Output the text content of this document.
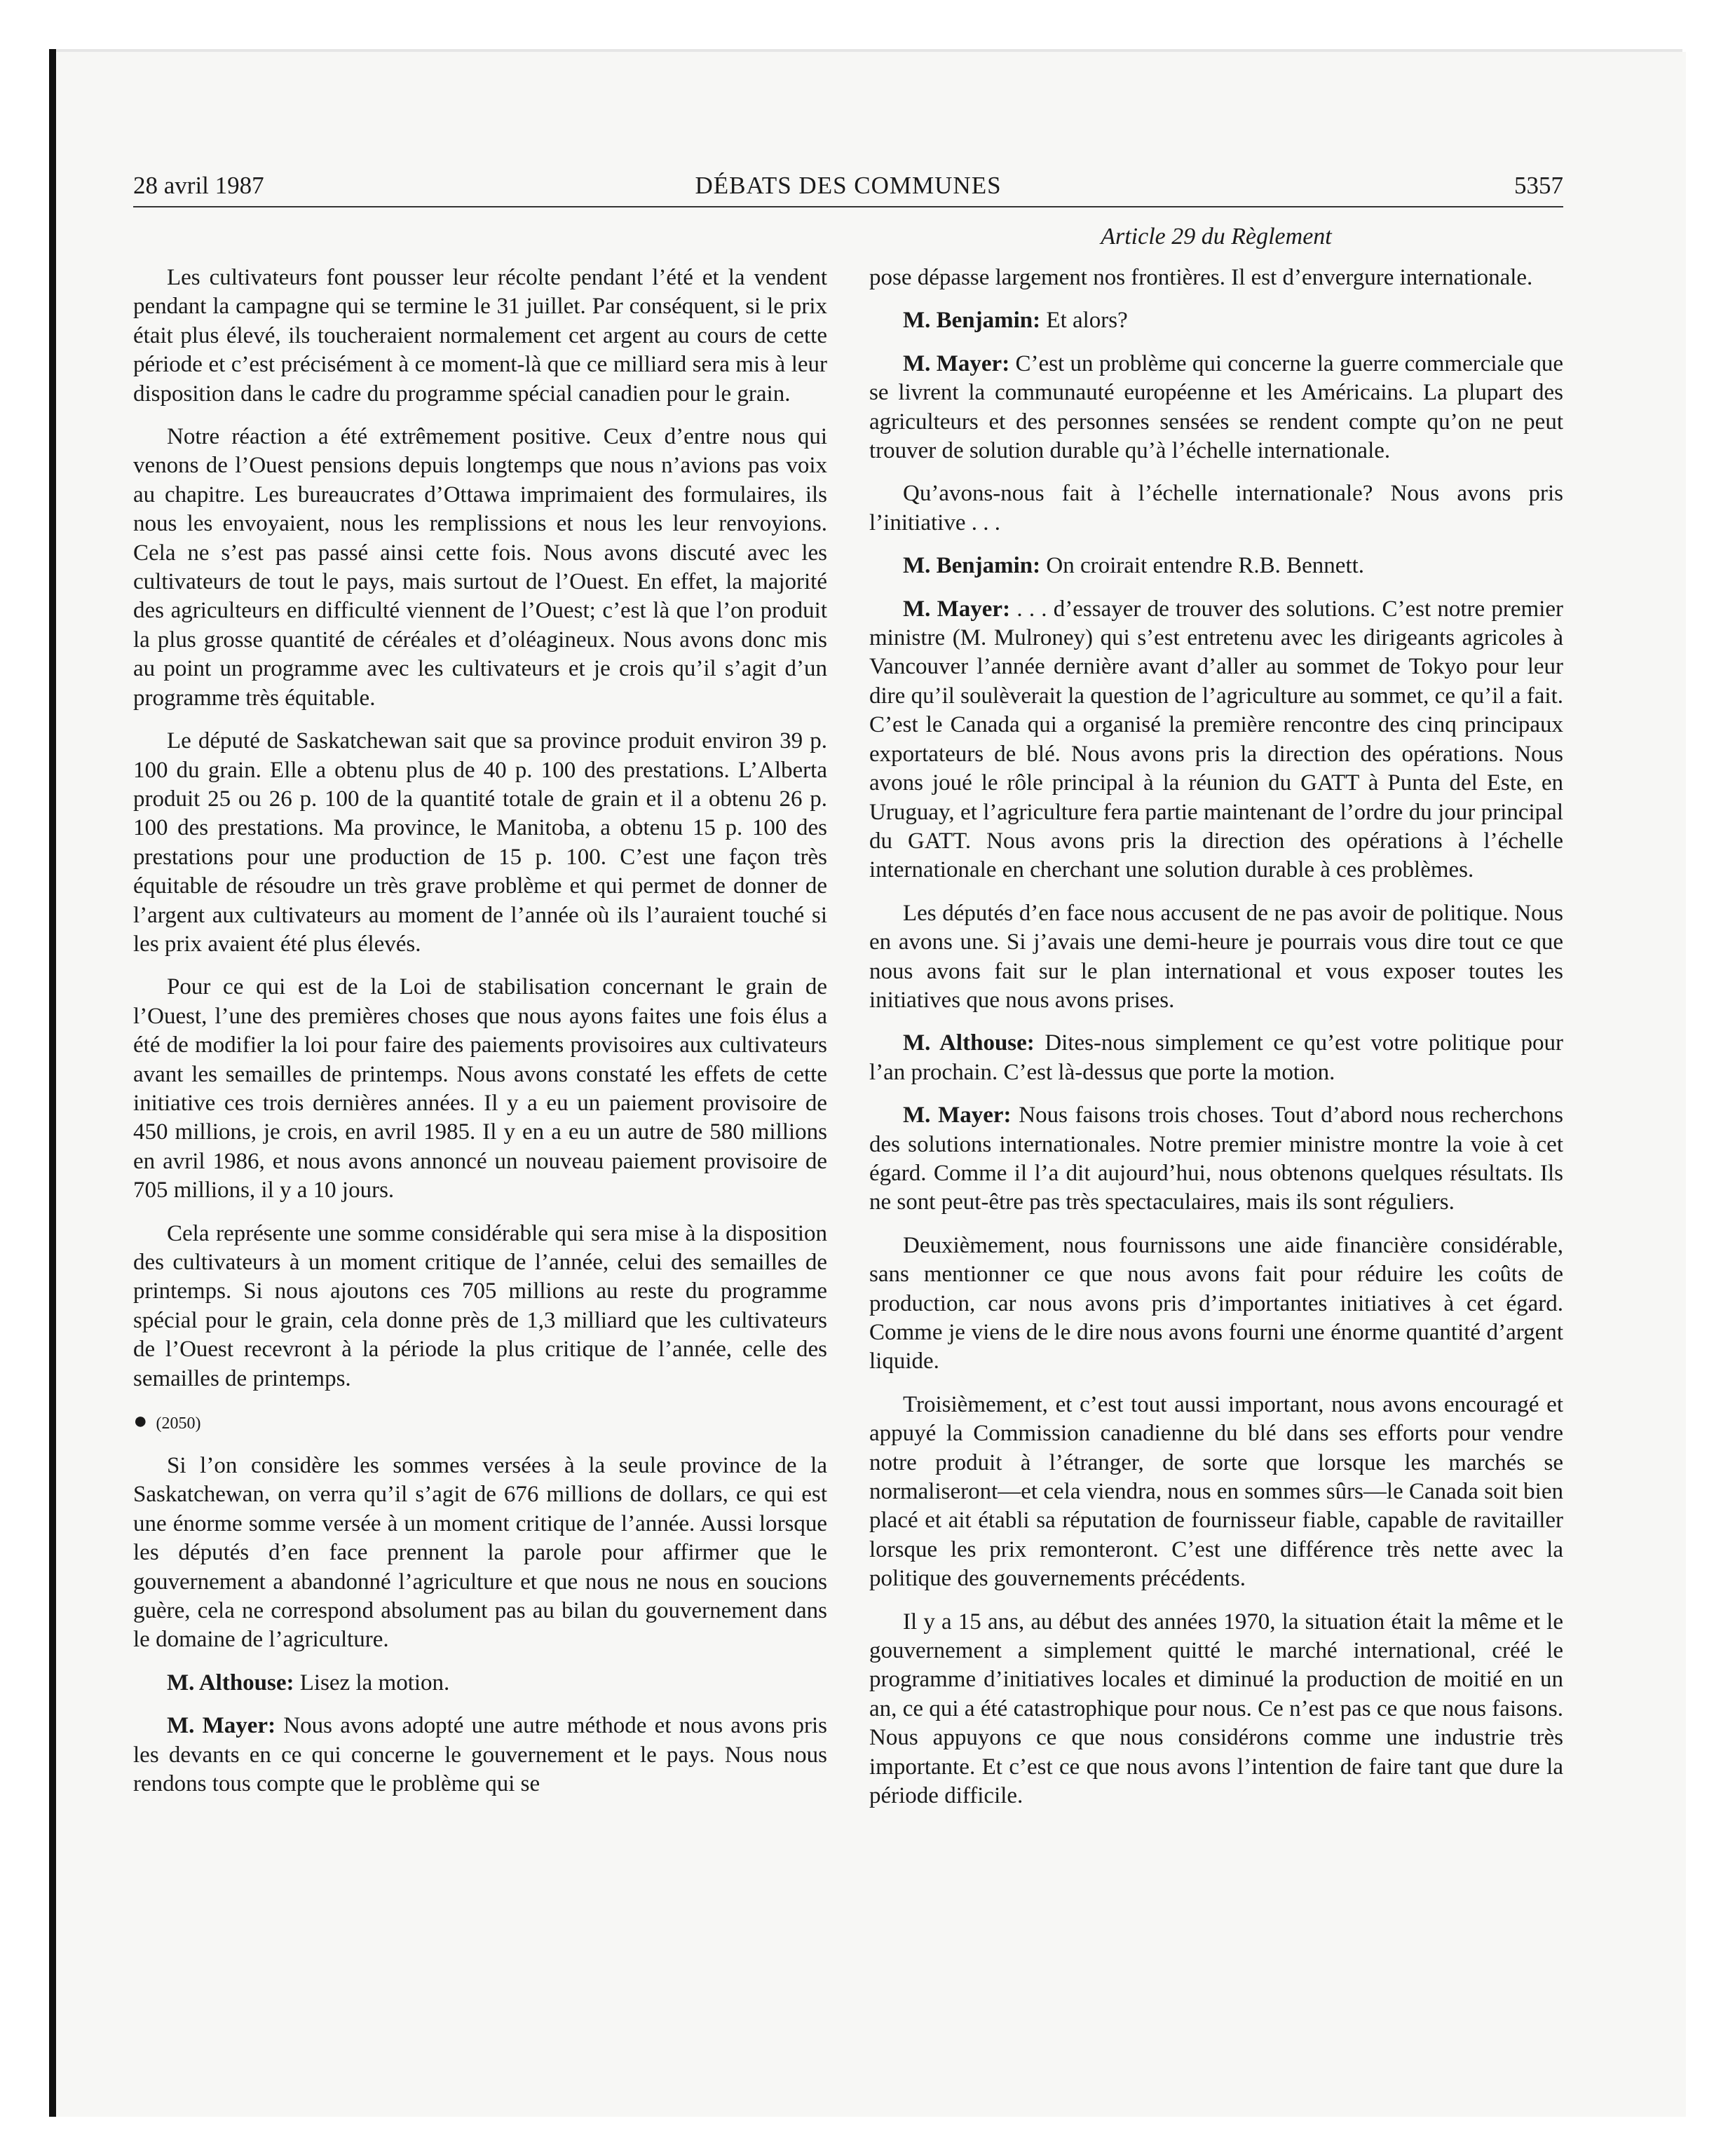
28 avril 1987	DÉBATS DES COMMUNES	5357
Article 29 du Règlement

Les cultivateurs font pousser leur récolte pendant l’été et la vendent pendant la campagne qui se termine le 31 juillet. Par conséquent, si le prix était plus élevé, ils toucheraient normalement cet argent au cours de cette période et c’est précisément à ce moment-là que ce milliard sera mis à leur disposition dans le cadre du programme spécial canadien pour le grain.

Notre réaction a été extrêmement positive. Ceux d’entre nous qui venons de l’Ouest pensions depuis longtemps que nous n’avions pas voix au chapitre. Les bureaucrates d’Ottawa imprimaient des formulaires, ils nous les envoyaient, nous les remplissions et nous les leur renvoyions. Cela ne s’est pas passé ainsi cette fois. Nous avons discuté avec les cultivateurs de tout le pays, mais surtout de l’Ouest. En effet, la majorité des agriculteurs en difficulté viennent de l’Ouest; c’est là que l’on produit la plus grosse quantité de céréales et d’oléagineux. Nous avons donc mis au point un programme avec les cultivateurs et je crois qu’il s’agit d’un programme très équitable.

Le député de Saskatchewan sait que sa province produit environ 39 p. 100 du grain. Elle a obtenu plus de 40 p. 100 des prestations. L’Alberta produit 25 ou 26 p. 100 de la quantité totale de grain et il a obtenu 26 p. 100 des prestations. Ma province, le Manitoba, a obtenu 15 p. 100 des prestations pour une production de 15 p. 100. C’est une façon très équitable de résoudre un très grave problème et qui permet de donner de l’argent aux cultivateurs au moment de l’année où ils l’auraient touché si les prix avaient été plus élevés.

Pour ce qui est de la Loi de stabilisation concernant le grain de l’Ouest, l’une des premières choses que nous ayons faites une fois élus a été de modifier la loi pour faire des paiements provisoires aux cultivateurs avant les semailles de printemps. Nous avons constaté les effets de cette initiative ces trois dernières années. Il y a eu un paiement provisoire de 450 millions, je crois, en avril 1985. Il y en a eu un autre de 580 millions en avril 1986, et nous avons annoncé un nouveau paiement provisoire de 705 millions, il y a 10 jours.

Cela représente une somme considérable qui sera mise à la disposition des cultivateurs à un moment critique de l’année, celui des semailles de printemps. Si nous ajoutons ces 705 millions au reste du programme spécial pour le grain, cela donne près de 1,3 milliard que les cultivateurs de l’Ouest recevront à la période la plus critique de l’année, celle des semailles de printemps.

● (2050)

Si l’on considère les sommes versées à la seule province de la Saskatchewan, on verra qu’il s’agit de 676 millions de dollars, ce qui est une énorme somme versée à un moment critique de l’année. Aussi lorsque les députés d’en face prennent la parole pour affirmer que le gouvernement a abandonné l’agriculture et que nous ne nous en soucions guère, cela ne correspond absolument pas au bilan du gouvernement dans le domaine de l’agriculture.

M. Althouse: Lisez la motion.

M. Mayer: Nous avons adopté une autre méthode et nous avons pris les devants en ce qui concerne le gouvernement et le pays. Nous nous rendons tous compte que le problème qui se

pose dépasse largement nos frontières. Il est d’envergure internationale.

M. Benjamin: Et alors?

M. Mayer: C’est un problème qui concerne la guerre commerciale que se livrent la communauté européenne et les Américains. La plupart des agriculteurs et des personnes sensées se rendent compte qu’on ne peut trouver de solution durable qu’à l’échelle internationale.

Qu’avons-nous fait à l’échelle internationale? Nous avons pris l’initiative . . .

M. Benjamin: On croirait entendre R.B. Bennett.

M. Mayer: . . . d’essayer de trouver des solutions. C’est notre premier ministre (M. Mulroney) qui s’est entretenu avec les dirigeants agricoles à Vancouver l’année dernière avant d’aller au sommet de Tokyo pour leur dire qu’il soulèverait la question de l’agriculture au sommet, ce qu’il a fait. C’est le Canada qui a organisé la première rencontre des cinq principaux exportateurs de blé. Nous avons pris la direction des opérations. Nous avons joué le rôle principal à la réunion du GATT à Punta del Este, en Uruguay, et l’agriculture fera partie maintenant de l’ordre du jour principal du GATT. Nous avons pris la direction des opérations à l’échelle internationale en cherchant une solution durable à ces problèmes.

Les députés d’en face nous accusent de ne pas avoir de politique. Nous en avons une. Si j’avais une demi-heure je pourrais vous dire tout ce que nous avons fait sur le plan international et vous exposer toutes les initiatives que nous avons prises.

M. Althouse: Dites-nous simplement ce qu’est votre politique pour l’an prochain. C’est là-dessus que porte la motion.

M. Mayer: Nous faisons trois choses. Tout d’abord nous recherchons des solutions internationales. Notre premier ministre montre la voie à cet égard. Comme il l’a dit aujourd’hui, nous obtenons quelques résultats. Ils ne sont peut-être pas très spectaculaires, mais ils sont réguliers.

Deuxièmement, nous fournissons une aide financière considérable, sans mentionner ce que nous avons fait pour réduire les coûts de production, car nous avons pris d’importantes initiatives à cet égard. Comme je viens de le dire nous avons fourni une énorme quantité d’argent liquide.

Troisièmement, et c’est tout aussi important, nous avons encouragé et appuyé la Commission canadienne du blé dans ses efforts pour vendre notre produit à l’étranger, de sorte que lorsque les marchés se normaliseront—et cela viendra, nous en sommes sûrs—le Canada soit bien placé et ait établi sa réputation de fournisseur fiable, capable de ravitailler lorsque les prix remonteront. C’est une différence très nette avec la politique des gouvernements précédents.

Il y a 15 ans, au début des années 1970, la situation était la même et le gouvernement a simplement quitté le marché international, créé le programme d’initiatives locales et diminué la production de moitié en un an, ce qui a été catastrophique pour nous. Ce n’est pas ce que nous faisons. Nous appuyons ce que nous considérons comme une industrie très importante. Et c’est ce que nous avons l’intention de faire tant que dure la période difficile.
